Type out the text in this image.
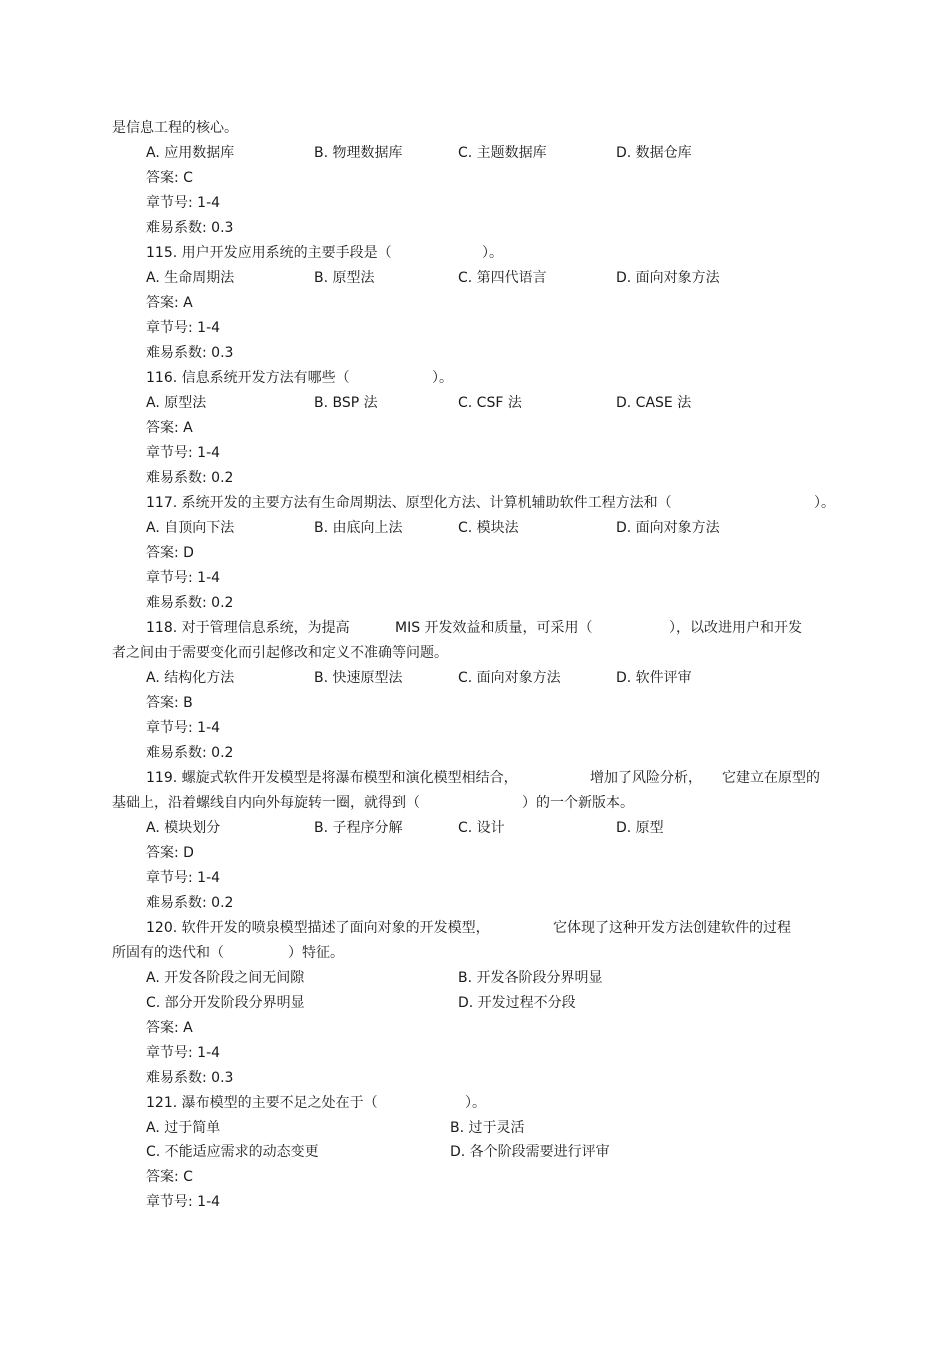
是信息工程的核心。
A. 应用数据库	B. 物理数据库	C. 主题数据库	D. 数据仓库
答案: C
章节号: 1-4
难易系数: 0.3
115. 用户开发应用系统的主要手段是（	）。
A. 生命周期法	B. 原型法	C. 第四代语言	D. 面向对象方法
答案: A
章节号: 1-4
难易系数: 0.3
116. 信息系统开发方法有哪些（	）。
A. 原型法	B. BSP 法	C. CSF 法	D. CASE 法
答案: A
章节号: 1-4
难易系数: 0.2
117. 系统开发的主要方法有生命周期法、原型化方法、计算机辅助软件工程方法和（	）。
A. 自顶向下法	B. 由底向上法	C. 模块法	D. 面向对象方法
答案: D
章节号: 1-4
难易系数: 0.2
118. 对于管理信息系统，为提高	MIS 开发效益和质量，可采用（	），以改进用户和开发
者之间由于需要变化而引起修改和定义不准确等问题。
A. 结构化方法	B. 快速原型法	C. 面向对象方法	D. 软件评审
答案: B
章节号: 1-4
难易系数: 0.2
119. 螺旋式软件开发模型是将瀑布模型和演化模型相结合，	增加了风险分析， 它建立在原型的
基础上，沿着螺线自内向外每旋转一圈，就得到（	）的一个新版本。
A. 模块划分	B. 子程序分解	C. 设计	D. 原型
答案: D
章节号: 1-4
难易系数: 0.2
120. 软件开发的喷泉模型描述了面向对象的开发模型，	它体现了这种开发方法创建软件的过程
所固有的迭代和（	）特征。
A. 开发各阶段之间无间隙	B. 开发各阶段分界明显
C. 部分开发阶段分界明显	D. 开发过程不分段
答案: A
章节号: 1-4
难易系数: 0.3
121. 瀑布模型的主要不足之处在于（	）。
A. 过于简单	B. 过于灵活
C. 不能适应需求的动态变更	D. 各个阶段需要进行评审
答案: C
章节号: 1-4
